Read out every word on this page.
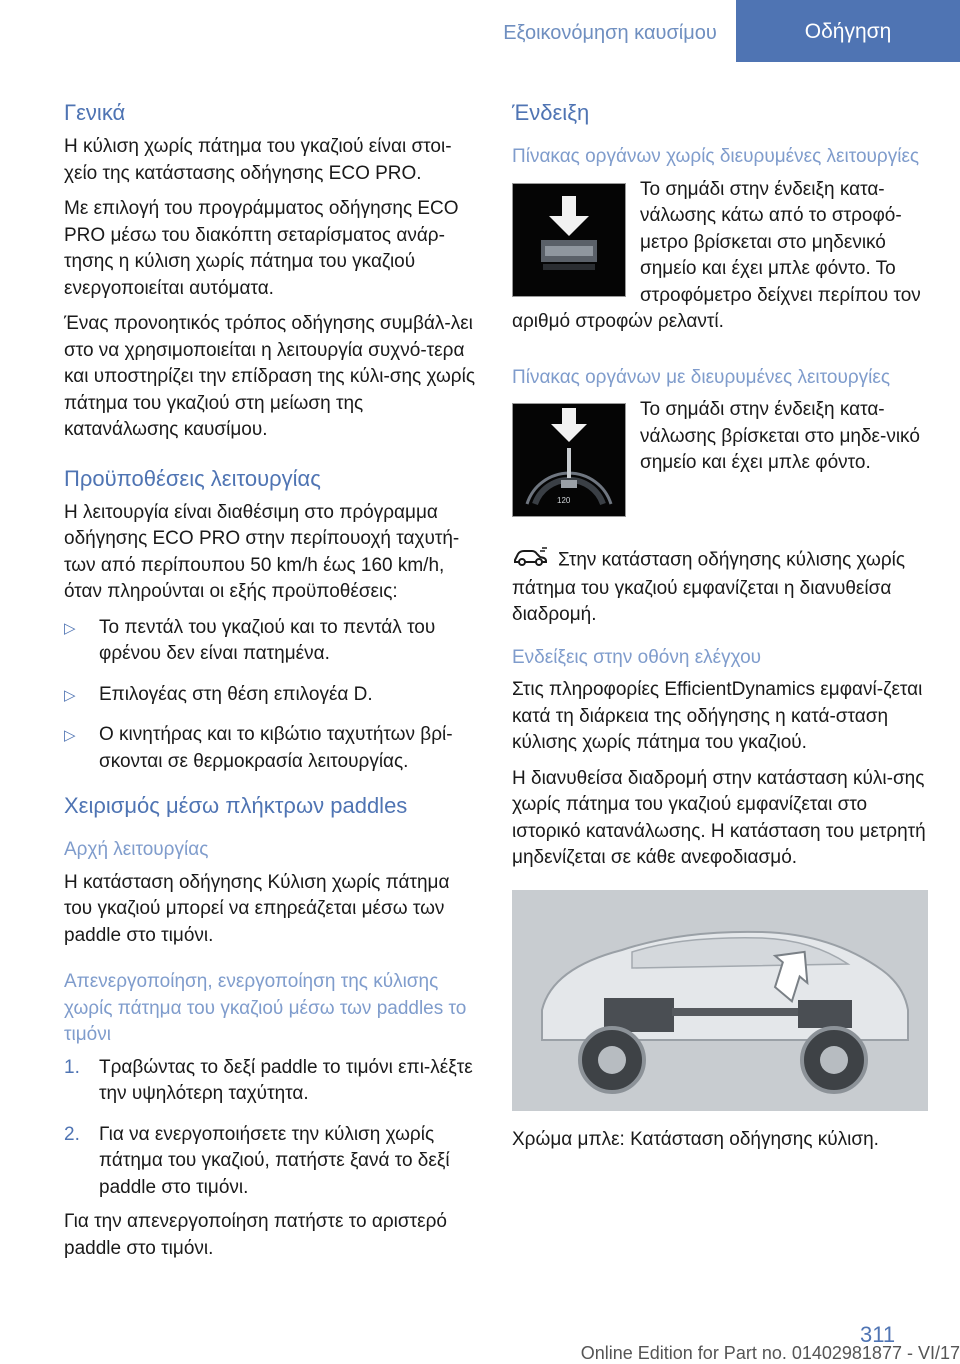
Εξοικονόμηση καυσίμου	Οδήγηση
Γενικά

Η κύλιση χωρίς πάτημα του γκαζιού είναι στοι‐χείο της κατάστασης οδήγησης ECO PRO.

Με επιλογή του προγράμματος οδήγησης ECO PRO μέσω του διακόπτη σεταρίσματος ανάρ‐τησης η κύλιση χωρίς πάτημα του γκαζιού ενεργοποιείται αυτόματα.

Ένας προνοητικός τρόπος οδήγησης συμβάλ‐λει στο να χρησιμοποιείται η λειτουργία συχνό‐τερα και υποστηρίζει την επίδραση της κύλι‐σης χωρίς πάτημα του γκαζιού στη μείωση της κατανάλωσης καυσίμου.

Προϋποθέσεις λειτουργίας

Η λειτουργία είναι διαθέσιμη στο πρόγραμμα οδήγησης ECO PRO στην περίπουοχή ταχυτή‐των από περίπουπου 50 km/h έως 160 km/h, όταν πληρούνται οι εξής προϋποθέσεις:

▷ Το πεντάλ του γκαζιού και το πεντάλ του φρένου δεν είναι πατημένα.
▷ Επιλογέας στη θέση επιλογέα D.
▷ Ο κινητήρας και το κιβώτιο ταχυτήτων βρί‐σκονται σε θερμοκρασία λειτουργίας.
Χειρισμός μέσω πλήκτρων paddles
Αρχή λειτουργίας

Η κατάσταση οδήγησης Κύλιση χωρίς πάτημα του γκαζιού μπορεί να επηρεάζεται μέσω των paddle στο τιμόνι.

Απενεργοποίηση, ενεργοποίηση της κύλισης χωρίς πάτημα του γκαζιού μέσω των paddles το τιμόνι
1. Τραβώντας το δεξί paddle το τιμόνι επι‐λέξτε την υψηλότερη ταχύτητα.
2. Για να ενεργοποιήσετε την κύλιση χωρίς πάτημα του γκαζιού, πατήστε ξανά το δεξί paddle στο τιμόνι.

Για την απενεργοποίηση πατήστε το αριστερό paddle στο τιμόνι.

Ένδειξη
Πίνακας οργάνων χωρίς διευρυμένες λειτουργίες

Το σημάδι στην ένδειξη κατα‐νάλωσης κάτω από το στροφό‐μετρο βρίσκεται στο μηδενικό σημείο και έχει μπλε φόντο. Το στροφόμετρο δείχνει περίπου τον αριθμό στροφών ρελαντί.

Πίνακας οργάνων με διευρυμένες λειτουργίες
120

Το σημάδι στην ένδειξη κατα‐νάλωσης βρίσκεται στο μηδε‐νικό σημείο και έχει μπλε φόντο.

Στην κατάσταση οδήγησης κύλισης χωρίς πάτημα του γκαζιού εμφανίζεται η διανυθείσα διαδρομή.

Ενδείξεις στην οθόνη ελέγχου

Στις πληροφορίες EfficientDynamics εμφανί‐ζεται κατά τη διάρκεια της οδήγησης η κατά‐σταση κύλισης χωρίς πάτημα του γκαζιού.

Η διανυθείσα διαδρομή στην κατάσταση κύλι‐σης χωρίς πάτημα του γκαζιού εμφανίζεται στο ιστορικό κατανάλωσης. Η κατάσταση του μετρητή μηδενίζεται σε κάθε ανεφοδιασμό.

Χρώμα μπλε: Κατάσταση οδήγησης κύλιση.

311
Online Edition for Part no. 01402981877 - VI/17
